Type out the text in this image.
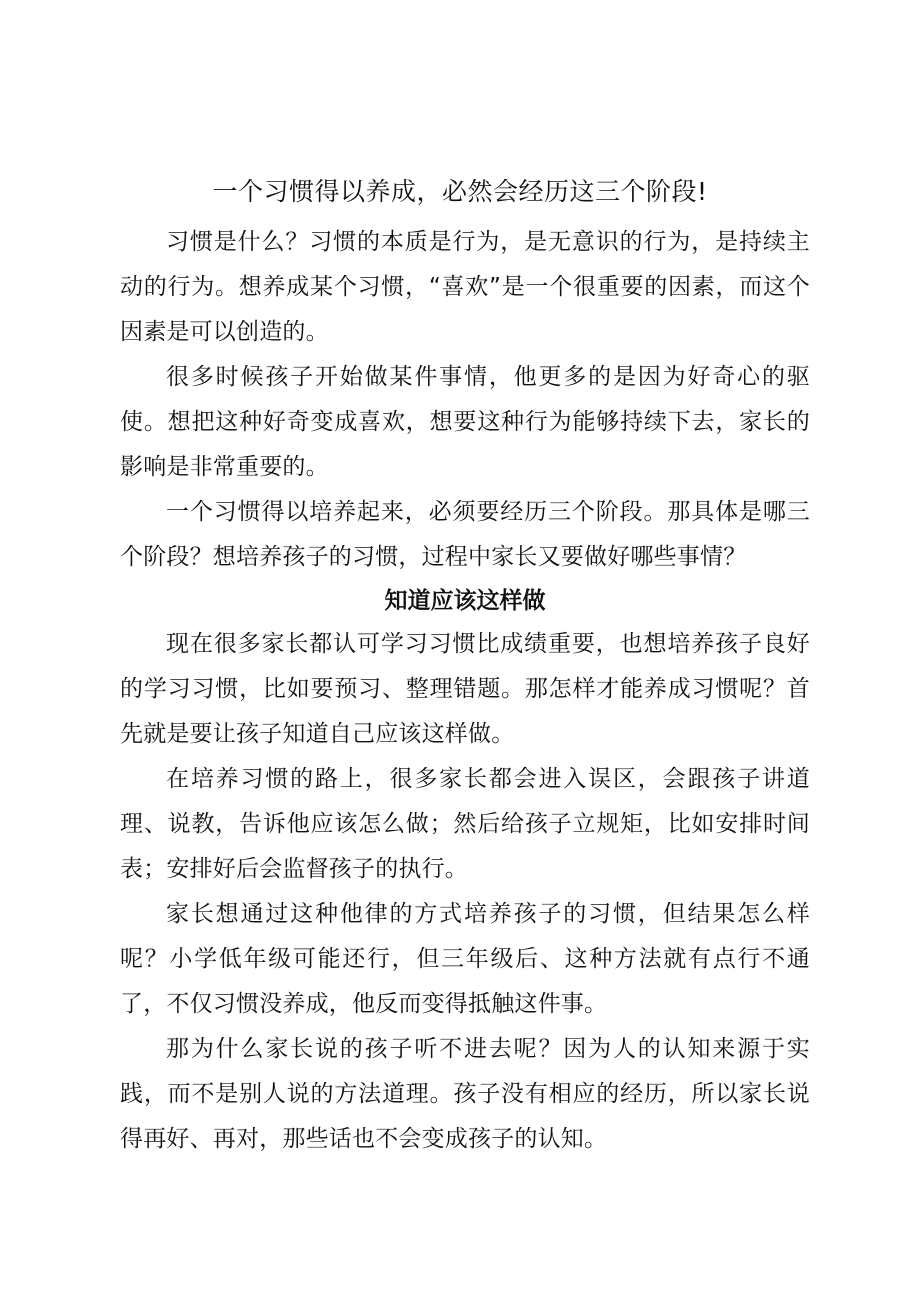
一个习惯得以养成，必然会经历这三个阶段!

习惯是什么？习惯的本质是行为，是无意识的行为，是持续主动的行为。想养成某个习惯，“喜欢”是一个很重要的因素，而这个因素是可以创造的。

很多时候孩子开始做某件事情，他更多的是因为好奇心的驱使。想把这种好奇变成喜欢，想要这种行为能够持续下去，家长的影响是非常重要的。

一个习惯得以培养起来，必须要经历三个阶段。那具体是哪三个阶段？想培养孩子的习惯，过程中家长又要做好哪些事情？

知道应该这样做

现在很多家长都认可学习习惯比成绩重要，也想培养孩子良好的学习习惯，比如要预习、整理错题。那怎样才能养成习惯呢？首先就是要让孩子知道自己应该这样做。

在培养习惯的路上，很多家长都会进入误区，会跟孩子讲道理、说教，告诉他应该怎么做；然后给孩子立规矩，比如安排时间表；安排好后会监督孩子的执行。

家长想通过这种他律的方式培养孩子的习惯，但结果怎么样呢？小学低年级可能还行，但三年级后、这种方法就有点行不通了，不仅习惯没养成，他反而变得抵触这件事。

那为什么家长说的孩子听不进去呢？因为人的认知来源于实践，而不是别人说的方法道理。孩子没有相应的经历，所以家长说得再好、再对，那些话也不会变成孩子的认知。
